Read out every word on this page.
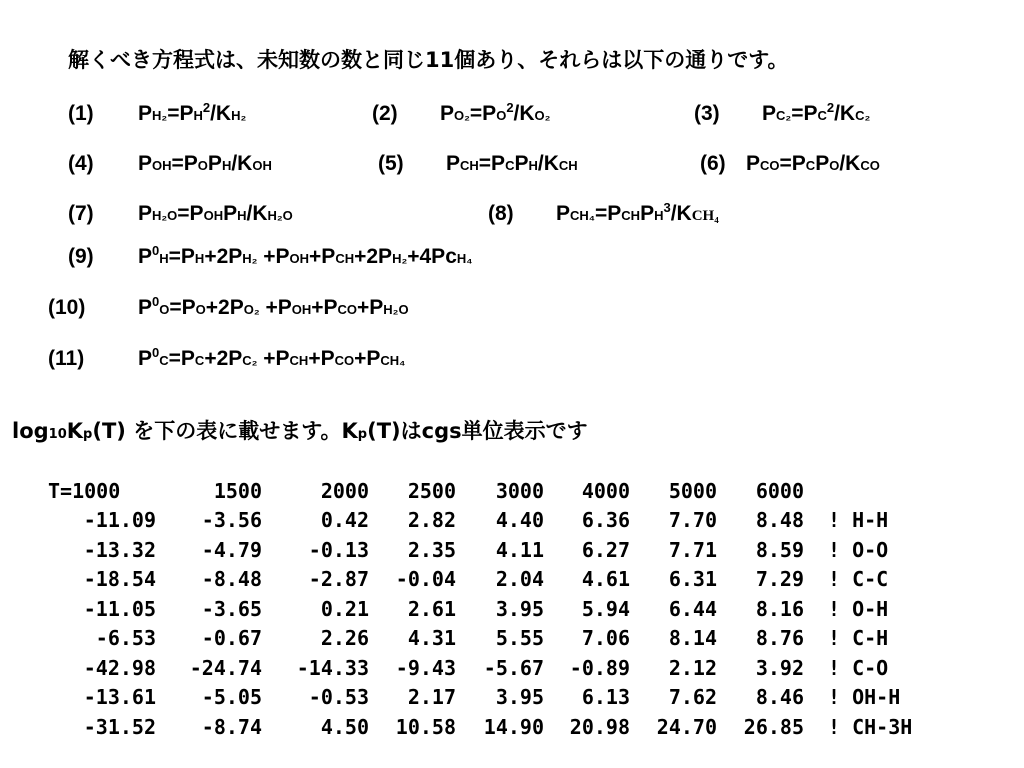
解くべき方程式は、未知数の数と同じ11個あり、それらは以下の通りです。
(1) $PH_2=PH^2$/KH₂	(2) $PO_2=PO^2$/KO₂	(3) $PC_2=PC^2$/KC₂
(4) POH=POPH/KOH	(5) PCH=PCPH/KCH	(6) PCO=PCPO/KCO
(7) PH₂O=POHPH/KH₂O	(8) $PCH_4=PCHPH^3$/KCH₄
(9) $P^0H=PH+2PH_2 +POH+PCH+2PH_2+4PcH_4$
(10)	$P^0O=PO+2PO_2 +POH+PCO+PH_2O$
(11)	$P^0C=PC+2PC_2 +PCH+PCO+PCH_4$
log10Kp(T) を下の表に載せます。Kp(T)はcgs単位表示です
T=1000	1500	2000	2500	3000	4000	5000	6000	
-11.09	-3.56	0.42	2.82	4.40	6.36	7.70	8.48	! H-H
-13.32	-4.79	-0.13	2.35	4.11	6.27	7.71	8.59	! O-O
-18.54	-8.48	-2.87	-0.04	2.04	4.61	6.31	7.29	! C-C
-11.05	-3.65	0.21	2.61	3.95	5.94	6.44	8.16	! O-H
-6.53	-0.67	2.26	4.31	5.55	7.06	8.14	8.76	! C-H
-42.98	-24.74	-14.33	-9.43	-5.67	-0.89	2.12	3.92	! C-O
-13.61	-5.05	-0.53	2.17	3.95	6.13	7.62	8.46	! OH-H
-31.52	-8.74	4.50	10.58	14.90	20.98	24.70	26.85	! CH-3H
